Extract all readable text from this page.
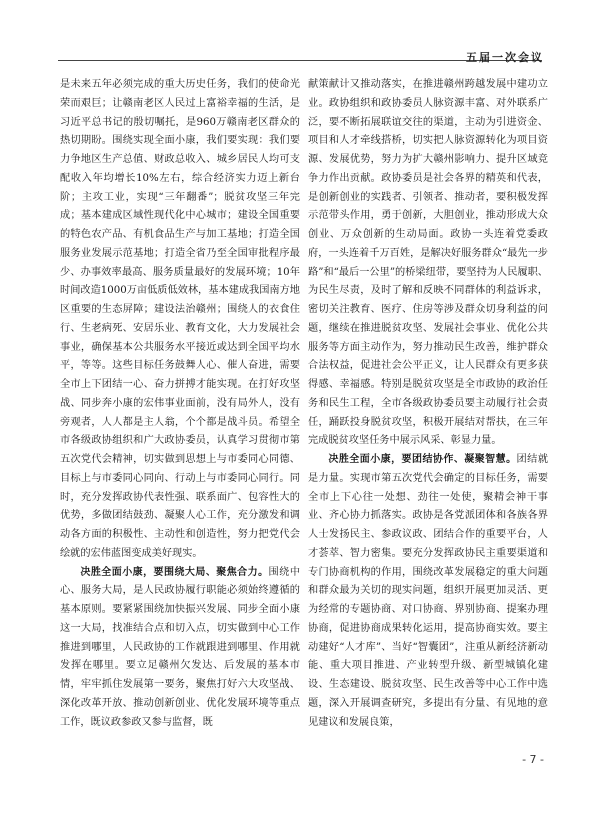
五届一次会议

是未来五年必须完成的重大历史任务，我们的使命光荣而艰巨；让赣南老区人民过上富裕幸福的生活，是习近平总书记的殷切嘱托，是960万赣南老区群众的热切期盼。围绕实现全面小康，我们要实现：我们要力争地区生产总值、财政总收入、城乡居民人均可支配收入年均增长10%左右，综合经济实力迈上新台阶；主攻工业，实现“三年翻番”；脱贫攻坚三年完成；基本建成区域性现代化中心城市；建设全国重要的特色农产品、有机食品生产与加工基地；打造全国服务业发展示范基地；打造全省乃至全国审批程序最少、办事效率最高、服务质量最好的发展环境；10年时间改造1000万亩低质低效林，基本建成我国南方地区重要的生态屏障；建设法治赣州；围绕人的衣食住行、生老病死、安居乐业、教育文化，大力发展社会事业，确保基本公共服务水平接近或达到全国平均水平，等等。这些目标任务鼓舞人心、催人奋进，需要全市上下团结一心、奋力拼搏才能实现。在打好攻坚战、同步奔小康的宏伟事业面前，没有局外人，没有旁观者，人人都是主人翁，个个都是战斗员。希望全市各级政协组织和广大政协委员，认真学习贯彻市第五次党代会精神，切实做到思想上与市委同心同德、目标上与市委同心同向、行动上与市委同心同行。同时，充分发挥政协代表性强、联系面广、包容性大的优势，多做团结鼓劲、凝聚人心工作，充分激发和调动各方面的积极性、主动性和创造性，努力把党代会绘就的宏伟蓝图变成美好现实。

决胜全面小康，要围绕大局、聚焦合力。围绕中心、服务大局，是人民政协履行职能必须始终遵循的基本原则。要紧紧围绕加快振兴发展、同步全面小康这一大局，找准结合点和切入点，切实做到中心工作推进到哪里，人民政协的工作就跟进到哪里、作用就发挥在哪里。要立足赣州欠发达、后发展的基本市情，牢牢抓住发展第一要务，聚焦打好六大攻坚战、深化改革开放、推动创新创业、优化发展环境等重点工作，既议政参政又参与监督，既

献策献计又推动落实，在推进赣州跨越发展中建功立业。政协组织和政协委员人脉资源丰富、对外联系广泛，要不断拓展联谊交往的渠道，主动为引进资金、项目和人才牵线搭桥，切实把人脉资源转化为项目资源、发展优势，努力为扩大赣州影响力、提升区域竞争力作出贡献。政协委员是社会各界的精英和代表，是创新创业的实践者、引领者、推动者，要积极发挥示范带头作用，勇于创新，大胆创业，推动形成大众创业、万众创新的生动局面。政协一头连着党委政府，一头连着千万百姓，是解决好服务群众“最先一步路”和“最后一公里”的桥梁纽带，要坚持为人民履职、为民生尽责，及时了解和反映不同群体的利益诉求，密切关注教育、医疗、住房等涉及群众切身利益的问题，继续在推进脱贫攻坚、发展社会事业、优化公共服务等方面主动作为，努力推动民生改善，维护群众合法权益，促进社会公平正义，让人民群众有更多获得感、幸福感。特别是脱贫攻坚是全市政协的政治任务和民生工程，全市各级政协委员要主动履行社会责任，踊跃投身脱贫攻坚，积极开展结对帮扶，在三年完成脱贫攻坚任务中展示风采、彰显力量。

决胜全面小康，要团结协作、凝聚智慧。团结就是力量。实现市第五次党代会确定的目标任务，需要全市上下心往一处想、劲往一处使，聚精会神干事业、齐心协力抓落实。政协是各党派团体和各族各界人士发扬民主、参政议政、团结合作的重要平台，人才荟萃、智力密集。要充分发挥政协民主重要渠道和专门协商机构的作用，围绕改革发展稳定的重大问题和群众最为关切的现实问题，组织开展更加灵活、更为经常的专题协商、对口协商、界别协商、提案办理协商，促进协商成果转化运用，提高协商实效。要主动建好“人才库”、当好“智囊团”，注重从新经济新动能、重大项目推进、产业转型升级、新型城镇化建设、生态建设、脱贫攻坚、民生改善等中心工作中选题，深入开展调查研究，多提出有分量、有见地的意见建议和发展良策，

- 7 -
